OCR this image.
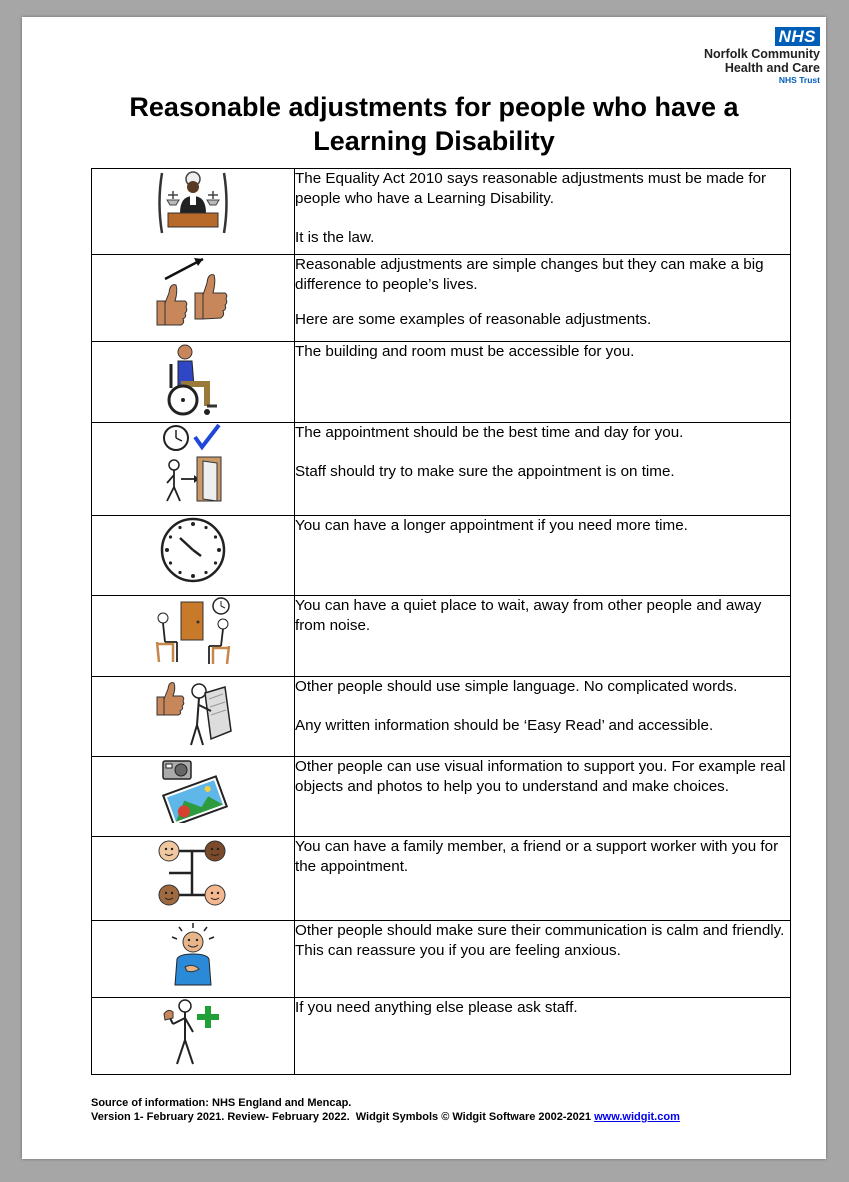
NHS
Norfolk Community
Health and Care
NHS Trust
Reasonable adjustments for people who have a
Learning Disability

The Equality Act 2010 says reasonable adjustments must be made for people who have a Learning Disability.

It is the law.

Reasonable adjustments are simple changes but they can make a big difference to people’s lives.

Here are some examples of reasonable adjustments.

The building and room must be accessible for you.

The appointment should be the best time and day for you.

Staff should try to make sure the appointment is on time.

You can have a longer appointment if you need more time.

You can have a quiet place to wait, away from other people and away from noise.

Other people should use simple language. No complicated words.

Any written information should be ‘Easy Read’ and accessible.

Other people can use visual information to support you. For example real objects and photos to help you to understand and make choices.

You can have a family member, a friend or a support worker with you for the appointment.

Other people should make sure their communication is calm and friendly. This can reassure you if you are feeling anxious.

If you need anything else please ask staff.

Source of information: NHS England and Mencap.
Version 1- February 2021. Review- February 2022.  Widgit Symbols © Widgit Software 2002-2021 www.widgit.com
